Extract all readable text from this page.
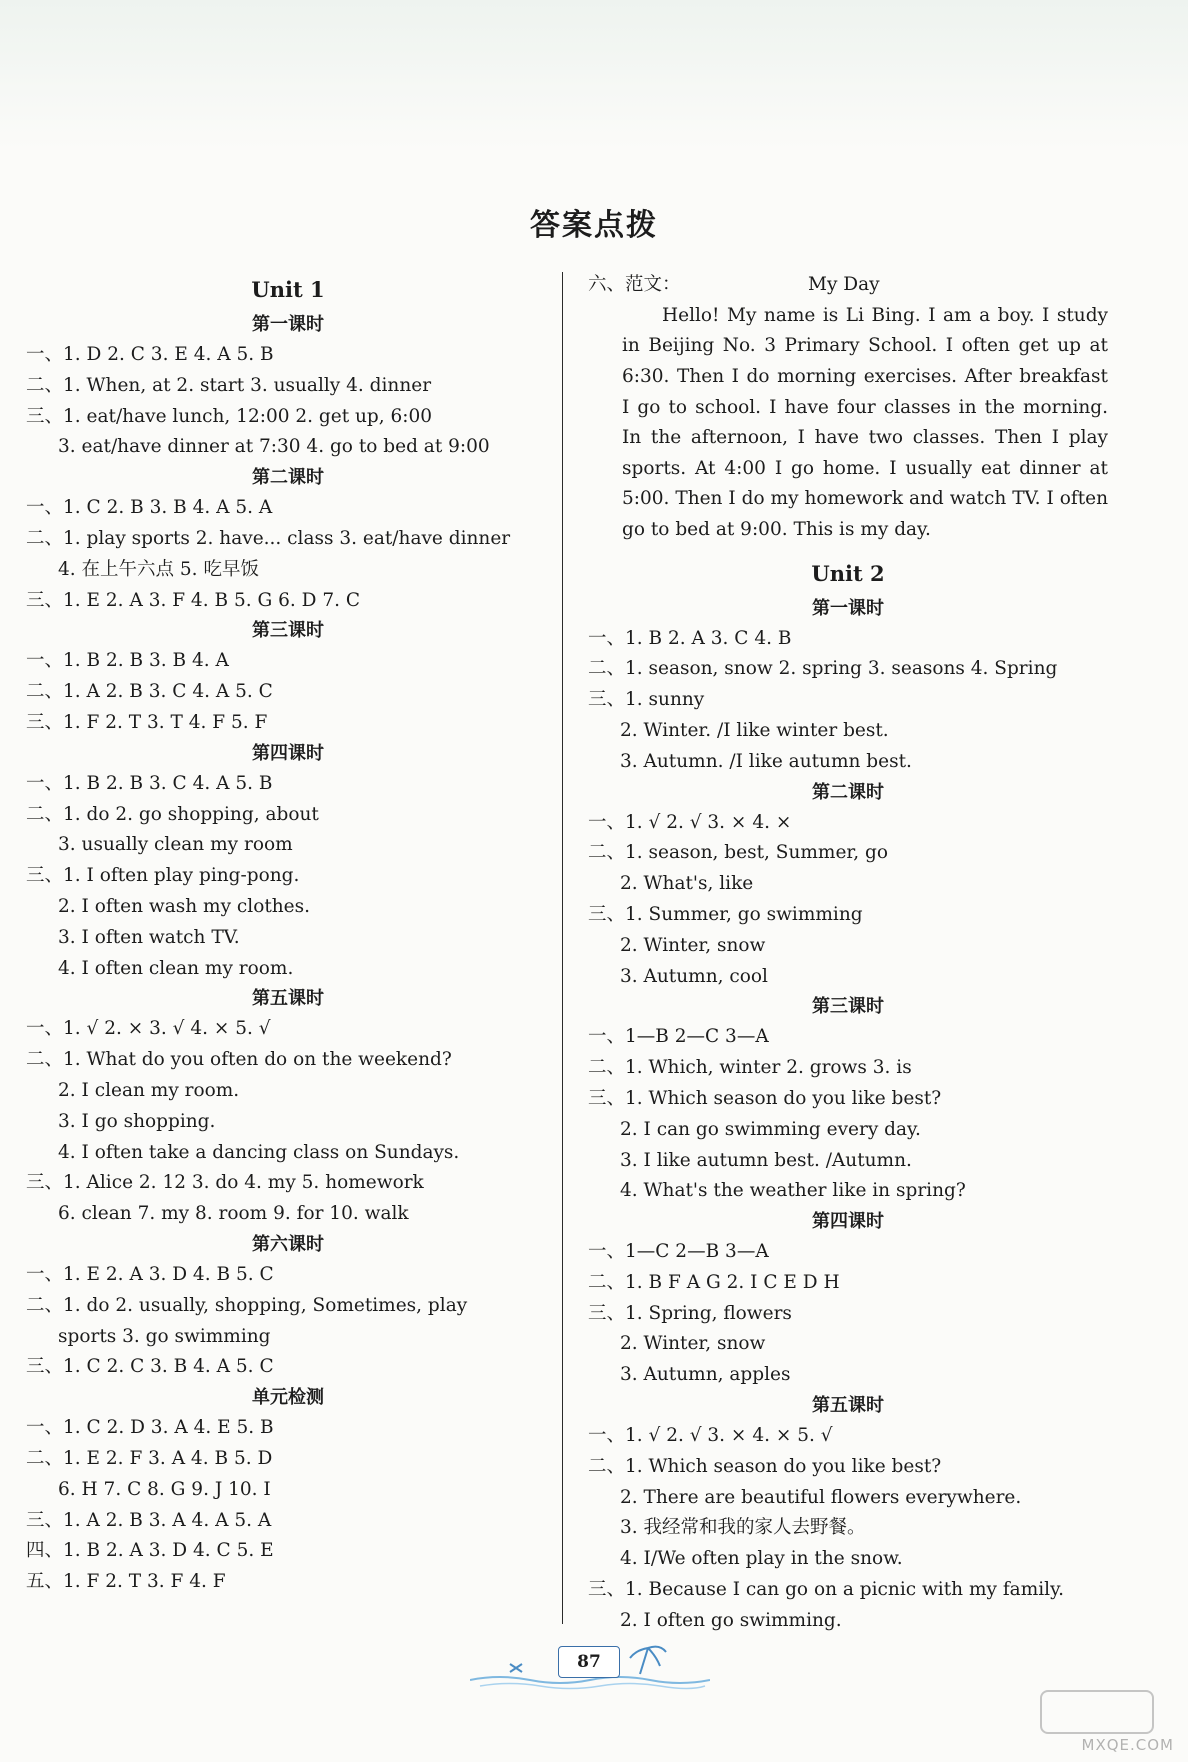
答案点拨
Unit 1
第一课时
一、1. D 2. C 3. E 4. A 5. B
二、1. When, at 2. start 3. usually 4. dinner
三、1. eat/have lunch, 12:00 2. get up, 6:00
3. eat/have dinner at 7:30 4. go to bed at 9:00
第二课时
一、1. C 2. B 3. B 4. A 5. A
二、1. play sports 2. have... class 3. eat/have dinner
4. 在上午六点 5. 吃早饭
三、1. E 2. A 3. F 4. B 5. G 6. D 7. C
第三课时
一、1. B 2. B 3. B 4. A
二、1. A 2. B 3. C 4. A 5. C
三、1. F 2. T 3. T 4. F 5. F
第四课时
一、1. B 2. B 3. C 4. A 5. B
二、1. do 2. go shopping, about
3. usually clean my room
三、1. I often play ping-pong.
2. I often wash my clothes.
3. I often watch TV.
4. I often clean my room.
第五课时
一、1. √ 2. × 3. √ 4. × 5. √
二、1. What do you often do on the weekend?
2. I clean my room.
3. I go shopping.
4. I often take a dancing class on Sundays.
三、1. Alice 2. 12 3. do 4. my 5. homework
6. clean 7. my 8. room 9. for 10. walk
第六课时
一、1. E 2. A 3. D 4. B 5. C
二、1. do 2. usually, shopping, Sometimes, play
sports 3. go swimming
三、1. C 2. C 3. B 4. A 5. C
单元检测
一、1. C 2. D 3. A 4. E 5. B
二、1. E 2. F 3. A 4. B 5. D
6. H 7. C 8. G 9. J 10. I
三、1. A 2. B 3. A 4. A 5. A
四、1. B 2. A 3. D 4. C 5. E
五、1. F 2. T 3. F 4. F
六、范文：	My Day
Hello! My name is Li Bing. I am a boy. I study in Beijing No. 3 Primary School. I often get up at 6:30. Then I do morning exercises. After breakfast I go to school. I have four classes in the morning. In the afternoon, I have two classes. Then I play sports. At 4:00 I go home. I usually eat dinner at 5:00. Then I do my homework and watch TV. I often go to bed at 9:00. This is my day.
Unit 2
第一课时
一、1. B 2. A 3. C 4. B
二、1. season, snow 2. spring 3. seasons 4. Spring
三、1. sunny
2. Winter. /I like winter best.
3. Autumn. /I like autumn best.
第二课时
一、1. √ 2. √ 3. × 4. ×
二、1. season, best, Summer, go
2. What's, like
三、1. Summer, go swimming
2. Winter, snow
3. Autumn, cool
第三课时
一、1—B 2—C 3—A
二、1. Which, winter 2. grows 3. is
三、1. Which season do you like best?
2. I can go swimming every day.
3. I like autumn best. /Autumn.
4. What's the weather like in spring?
第四课时
一、1—C 2—B 3—A
二、1. B F A G 2. I C E D H
三、1. Spring, flowers
2. Winter, snow
3. Autumn, apples
第五课时
一、1. √ 2. √ 3. × 4. × 5. √
二、1. Which season do you like best?
2. There are beautiful flowers everywhere.
3. 我经常和我的家人去野餐。
4. I/We often play in the snow.
三、1. Because I can go on a picnic with my family.
2. I often go swimming.
87
MXQE.COM
